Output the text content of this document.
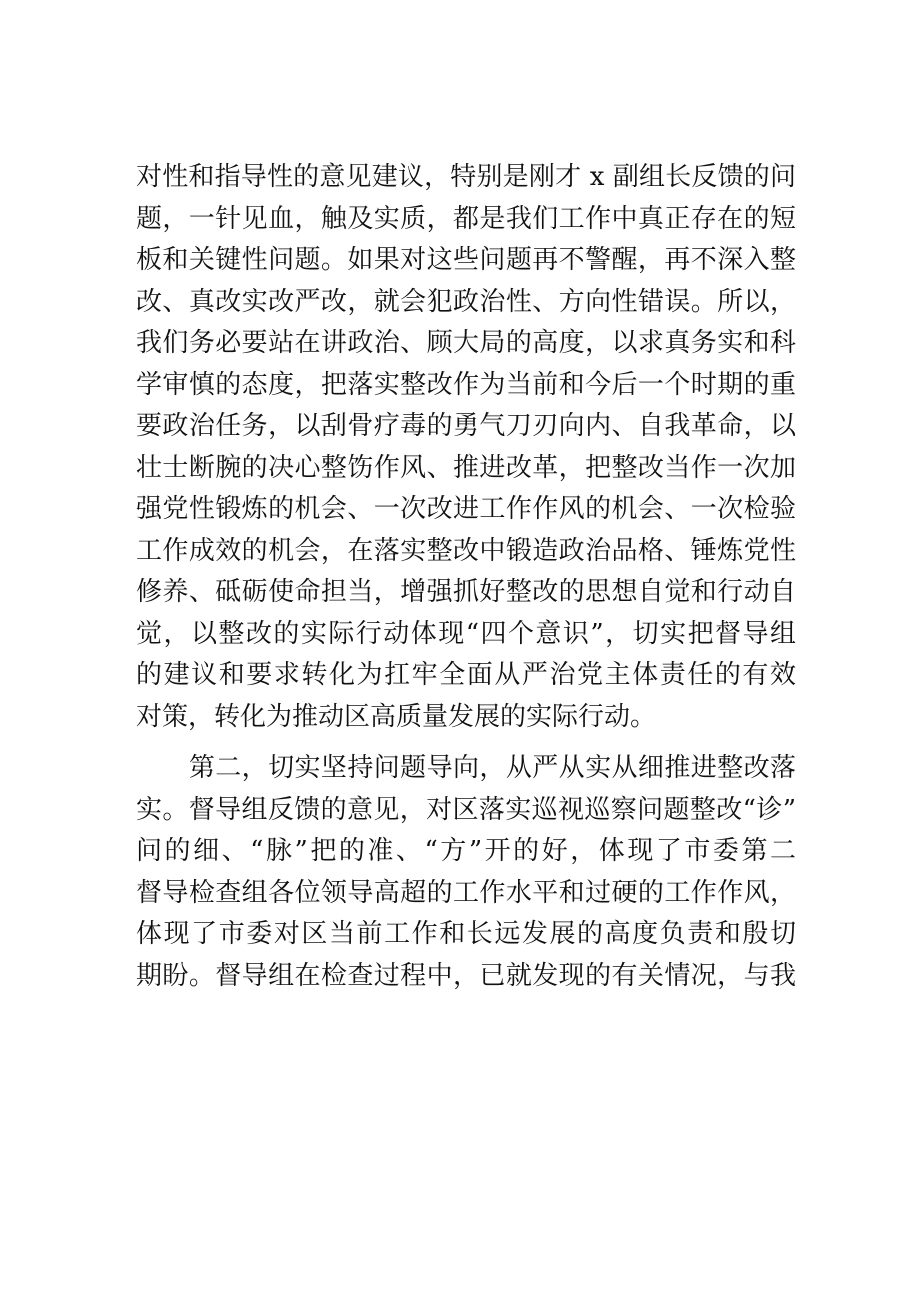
对性和指导性的意见建议，特别是刚才 x 副组长反馈的问
题，一针见血，触及实质，都是我们工作中真正存在的短
板和关键性问题。如果对这些问题再不警醒，再不深入整
改、真改实改严改，就会犯政治性、方向性错误。所以，
我们务必要站在讲政治、顾大局的高度，以求真务实和科
学审慎的态度，把落实整改作为当前和今后一个时期的重
要政治任务，以刮骨疗毒的勇气刀刃向内、自我革命，以
壮士断腕的决心整饬作风、推进改革，把整改当作一次加
强党性锻炼的机会、一次改进工作作风的机会、一次检验
工作成效的机会，在落实整改中锻造政治品格、锤炼党性
修养、砥砺使命担当，增强抓好整改的思想自觉和行动自
觉，以整改的实际行动体现“四个意识”，切实把督导组
的建议和要求转化为扛牢全面从严治党主体责任的有效
对策，转化为推动区高质量发展的实际行动。
　　第二，切实坚持问题导向，从严从实从细推进整改落
实。督导组反馈的意见，对区落实巡视巡察问题整改“诊”
问的细、“脉”把的准、“方”开的好，体现了市委第二
督导检查组各位领导高超的工作水平和过硬的工作作风，
体现了市委对区当前工作和长远发展的高度负责和殷切
期盼。督导组在检查过程中，已就发现的有关情况，与我
